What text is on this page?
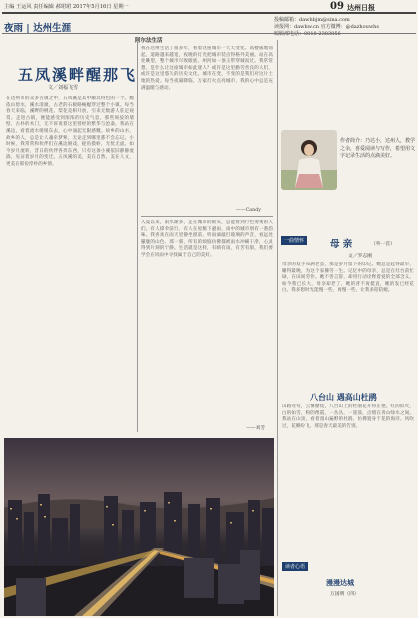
主编 王运风 责任编辑 郝珺珺 2017年5月16日 星期一	09 达州日报
夜雨 | 达州生涯
投稿邮箱：dawhbjm@sina.com
读报网：dawhw.cn 官方微博：@dazhouwhs
编辑部电话：0818-2383856
阿尔法生活
五凤溪畔醒那飞
文／刘福飞雪
在达州市的众多古镇之中，五凤溪是其中颇具特色的一个。她依山傍水，溪水清澈，古老的石板路蜿蜒穿过整个小镇。每当春天来临，溪畔的桃花、梨花竞相开放，引来无数游人驻足观赏。走进古镇，便能感受到浓浓的历史气息，那些斑驳的墙壁、古朴的木门，无不诉说着这里曾经的繁华与沧桑。我站在溪边，看着流水缓缓东去，心中涌起无限感慨。故乡的山水，故乡的人，总是让人魂牵梦萦，无论走到哪里都不会忘记。小时候，我常常和伙伴们在溪边嬉戏，捉鱼摸虾，无忧无虑。如今岁月流转，昔日的伙伴各奔东西，只有这条小溪依旧静静流淌，见证着岁月的变迁。五凤溪的美，美在自然，美在人文，更美在那份淳朴的乡情。
我在达州生活了很多年，看着这座城市一天天变化。高楼拔地而起，道路越来越宽，夜晚的灯光把城市装点得格外美丽。站在高处眺望，整个城市尽收眼底，州河如一条玉带穿城而过。我常常想，是什么让这座城市如此迷人？或许是这里勤劳善良的人们，或许是这里悠久的历史文化。城市在变，不变的是我们对这片土地的热爱。每当夜幕降临，万家灯火点亮城市，我的心中总是充满温暖与感动。
——Candy
入夏以来，雨水渐多，走在城市的街头，总能看到行色匆匆的人们。有人撑伞前行，有人在屋檐下避雨，雨中的城市别有一番韵味。我喜欢在雨天里静坐窗前，听雨滴敲打玻璃的声音，看远处朦胧的山色。那一刻，所有的烦恼仿佛都被雨水冲刷干净，心灵得到片刻的宁静。生活就是这样，有晴有雨，有苦有甜，我们要学会在风雨中寻找属于自己的美好。
——刘芳
作者简介：乃达小，达州人，教学之余，喜爱阅读与写作，希望用文字记录生活的点滴美好。
一曲情怀	母 亲	（外一首）
文／罗志刚
母亲的双手布满老茧，那是岁月留下的印记。她总是起得最早，睡得最晚，为这个家操劳一生。记忆中的母亲，总是在灶台前忙碌，在田间劳作。她不善言辞，却用行动诠释着爱的全部含义。如今我已长大，母亲却老了，她的背不再挺直，她的发已经花白。我多想时光能慢一些，再慢一些，让我多陪陪她。
八台山 遇高山杜鹃
山路弯弯，云雾缭绕，八台山上的杜鹃花开得正艳。红的似火，白的如雪，粉的像霞，一丛丛，一簇簇，点缀在青山绿水之间。我站在山顶，看着漫山遍野的杜鹃，仿佛置身于花的海洋。风吹过，花瓣纷飞，那是春天最美的告别。
读者心语
漫漫达城
万国明（四）
